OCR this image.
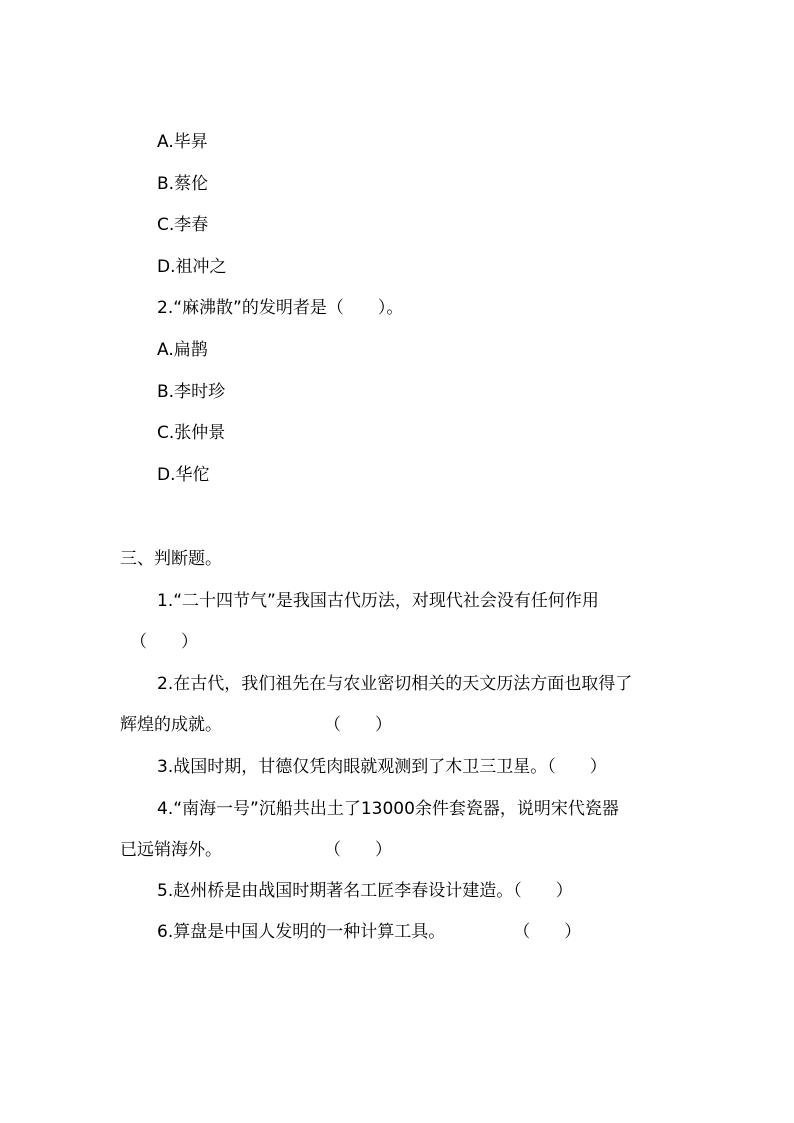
A.毕昇
B.蔡伦
C.李春
D.祖冲之
2.“麻沸散”的发明者是（　　）。
A.扁鹊
B.李时珍
C.张仲景
D.华佗
三、判断题。
1.“二十四节气”是我国古代历法，对现代社会没有任何作用
（　　）
2.在古代，我们祖先在与农业密切相关的天文历法方面也取得了
辉煌的成就。　　　　　　　（　　）
3.战国时期，甘德仅凭肉眼就观测到了木卫三卫星。（　　）
4.“南海一号”沉船共出土了13000余件套瓷器，说明宋代瓷器
已远销海外。　　　　　　　（　　）
5.赵州桥是由战国时期著名工匠李春设计建造。（　　）
6.算盘是中国人发明的一种计算工具。　　　　　（　　）
